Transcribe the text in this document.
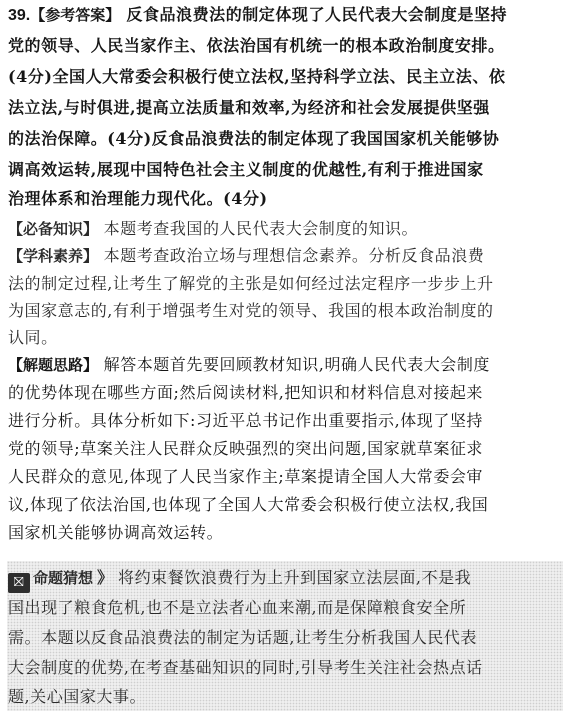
39.【参考答案】 反食品浪费法的制定体现了人民代表大会制度是坚持
党的领导、人民当家作主、依法治国有机统一的根本政治制度安排。
(4分)全国人大常委会积极行使立法权,坚持科学立法、民主立法、依
法立法,与时俱进,提高立法质量和效率,为经济和社会发展提供坚强
的法治保障。(4分)反食品浪费法的制定体现了我国国家机关能够协
调高效运转,展现中国特色社会主义制度的优越性,有利于推进国家
治理体系和治理能力现代化。(4分)
【必备知识】 本题考查我国的人民代表大会制度的知识。
【学科素养】 本题考查政治立场与理想信念素养。分析反食品浪费
法的制定过程,让考生了解党的主张是如何经过法定程序一步步上升
为国家意志的,有利于增强考生对党的领导、我国的根本政治制度的
认同。
【解题思路】 解答本题首先要回顾教材知识,明确人民代表大会制度
的优势体现在哪些方面;然后阅读材料,把知识和材料信息对接起来
进行分析。具体分析如下:习近平总书记作出重要指示,体现了坚持
党的领导;草案关注人民群众反映强烈的突出问题,国家就草案征求
人民群众的意见,体现了人民当家作主;草案提请全国人大常委会审
议,体现了依法治国,也体现了全国人大常委会积极行使立法权,我国
国家机关能够协调高效运转。
⛝ 命题猜想 》 将约束餐饮浪费行为上升到国家立法层面,不是我
国出现了粮食危机,也不是立法者心血来潮,而是保障粮食安全所
需。本题以反食品浪费法的制定为话题,让考生分析我国人民代表
大会制度的优势,在考查基础知识的同时,引导考生关注社会热点话
题,关心国家大事。
